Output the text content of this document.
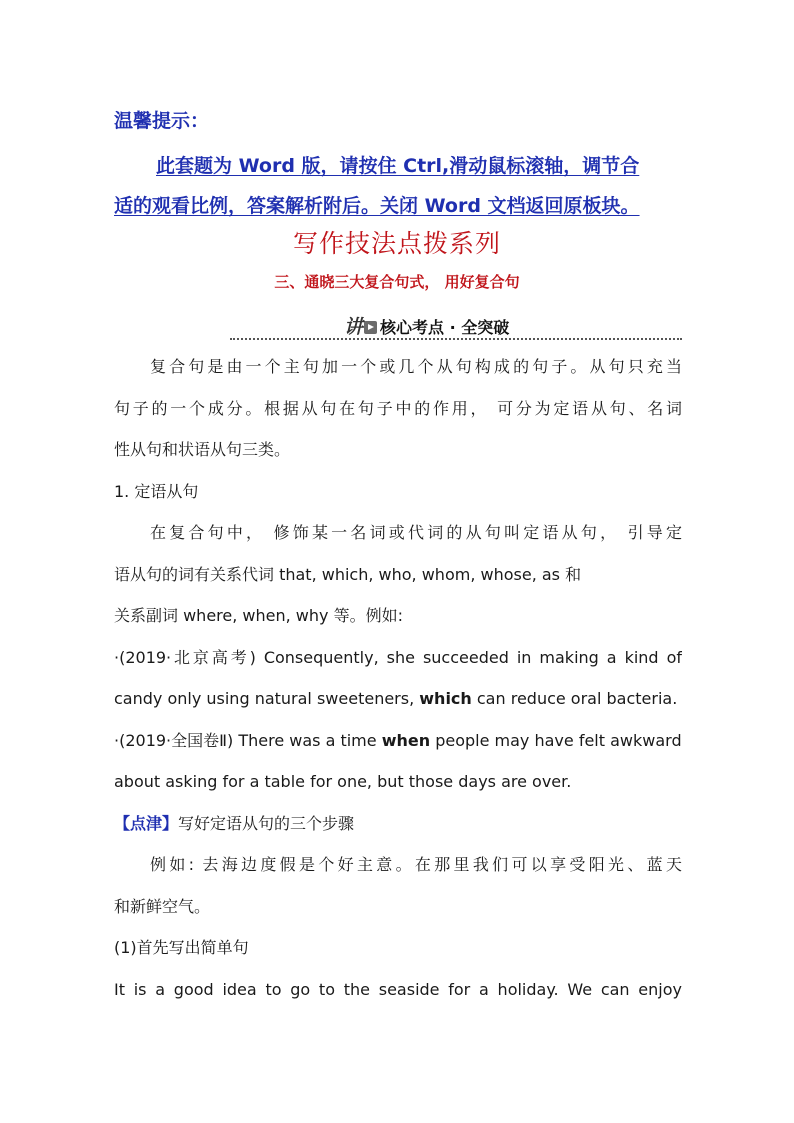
温馨提示：
此套题为 Word 版，请按住 Ctrl,滑动鼠标滚轴，调节合
适的观看比例，答案解析附后。关闭 Word 文档返回原板块。
写作技法点拨系列
三、通晓三大复合句式， 用好复合句
讲 核心考点 · 全突破
复合句是由一个主句加一个或几个从句构成的句子。从句只充当
句子的一个成分。根据从句在句子中的作用， 可分为定语从句、名词
性从句和状语从句三类。
1. 定语从句
在复合句中， 修饰某一名词或代词的从句叫定语从句， 引导定
语从句的词有关系代词 that, which, who, whom, whose, as 和
关系副词 where, when, why 等。例如:
·(2019·北京高考) Consequently, she succeeded in making a kind of
candy only using natural sweeteners, which can reduce oral bacteria.
·(2019·全国卷Ⅱ) There was a time when people may have felt awkward
about asking for a table for one, but those days are over.
【点津】写好定语从句的三个步骤
例如: 去海边度假是个好主意。在那里我们可以享受阳光、蓝天
和新鲜空气。
(1)首先写出简单句
It is a good idea to go to the seaside for a holiday. We can enjoy
